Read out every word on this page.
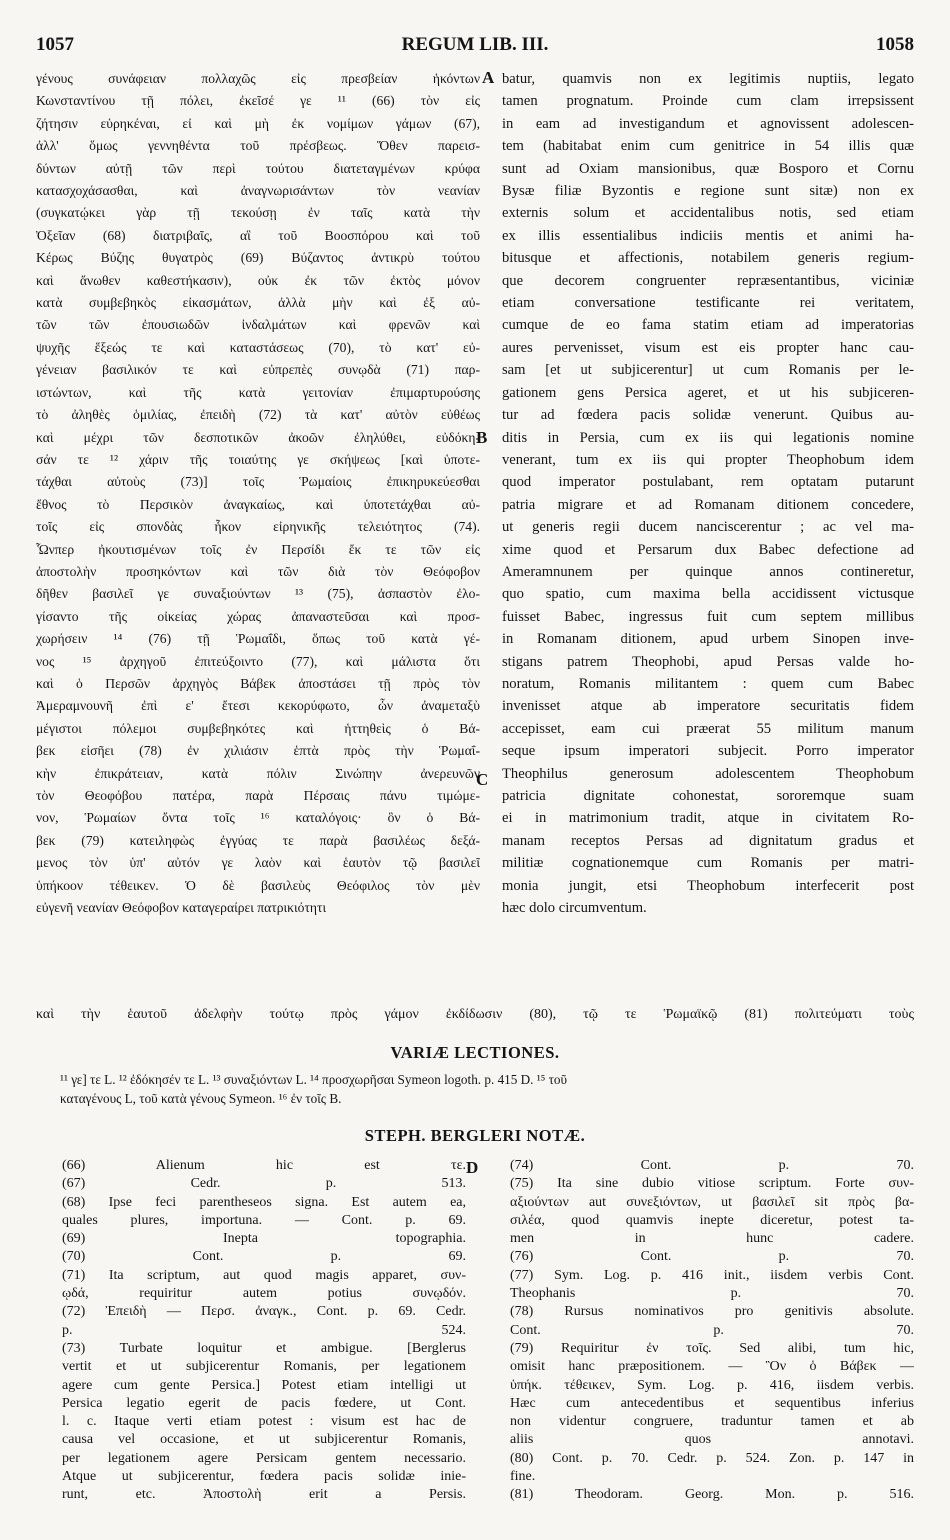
1057	REGUM LIB. III.	1058
γένους συνάφειαν πολλαχῶς εἰς πρεσβείαν ἡκόντων
Κωνσταντίνου τῇ πόλει, ἐκεῖσέ γε ¹¹ (66) τὸν εἰς
ζήτησιν εὑρηκέναι, εἰ καὶ μὴ ἐκ νομίμων γάμων (67),
ἀλλ' ὅμως γεννηθέντα τοῦ πρέσβεως. Ὅθεν παρεισ-
δύντων αὐτῇ τῶν περὶ τούτου διατεταγμένων κρύφα
κατασχοχάσασθαι, καὶ ἀναγνωρισάντων τὸν νεανίαν
(συγκατῴκει γὰρ τῇ τεκούσῃ ἐν ταῖς κατὰ τὴν
Ὀξεῖαν (68) διατριβαῖς, αἳ τοῦ Βοοσπόρου καὶ τοῦ
Κέρως Βύζης θυγατρὸς (69) Βύζαντος ἀντικρὺ τούτου
καὶ ἄνωθεν καθεστήκασιν), οὐκ ἐκ τῶν ἐκτὸς μόνον
κατὰ συμβεβηκὸς εἰκασμάτων, ἀλλὰ μὴν καὶ ἐξ αὐ-
τῶν τῶν ἐπουσιωδῶν ἰνδαλμάτων καὶ φρενῶν καὶ
ψυχῆς ἕξεώς τε καὶ καταστάσεως (70), τὸ κατ' εὐ-
γένειαν βασιλικόν τε καὶ εὐπρεπὲς συνῳδὰ (71) παρ-
ιστώντων, καὶ τῆς κατὰ γειτονίαν ἐπιμαρτυρούσης
τὸ ἀληθὲς ὁμιλίας, ἐπειδὴ (72) τὰ κατ' αὐτὸν εὐθέως
καὶ μέχρι τῶν δεσποτικῶν ἀκοῶν ἐληλύθει, εὐδόκη-
σάν τε ¹² χάριν τῆς τοιαύτης γε σκήψεως [καὶ ὑποτε-
τάχθαι αὐτοὺς (73)] τοῖς Ῥωμαίοις ἐπικηρυκεύεσθαι
ἔθνος τὸ Περσικὸν ἀναγκαίως, καὶ ὑποτετάχθαι αὐ-
τοῖς εἰς σπονδὰς ἧκον εἰρηνικῆς τελειότητος (74).
Ὧνπερ ἠκουτισμένων τοῖς ἐν Περσίδι ἔκ τε τῶν εἰς
ἀποστολὴν προσηκόντων καὶ τῶν διὰ τὸν Θεόφοβον
δῆθεν βασιλεῖ γε συναξιούντων ¹³ (75), ἀσπαστὸν ἐλο-
γίσαντο τῆς οἰκείας χώρας ἀπαναστεῦσαι καὶ προσ-
χωρήσειν ¹⁴ (76) τῇ Ῥωμαΐδι, ὅπως τοῦ κατὰ γέ-
νος ¹⁵ ἀρχηγοῦ ἐπιτεύξοιντο (77), καὶ μάλιστα ὅτι
καὶ ὁ Περσῶν ἀρχηγὸς Βάβεκ ἀποστάσει τῇ πρὸς τὸν
Ἀμεραμνουνῆ ἐπὶ ε' ἔτεσι κεκορύφωτο, ὧν ἀναμεταξὺ
μέγιστοι πόλεμοι συμβεβηκότες καὶ ἡττηθεὶς ὁ Βά-
βεκ εἰσῆει (78) ἐν χιλιάσιν ἑπτὰ πρὸς τὴν Ῥωμαΐ-
κὴν ἐπικράτειαν, κατὰ πόλιν Σινώπην ἀνερευνῶν
τὸν Θεοφόβου πατέρα, παρὰ Πέρσαις πάνυ τιμώμε-
νον, Ῥωμαίων ὄντα τοῖς ¹⁶ καταλόγοις· ὃν ὁ Βά-
βεκ (79) κατειληφὼς ἐγγύας τε παρὰ βασιλέως δεξά-
μενος τὸν ὑπ' αὐτόν γε λαὸν καὶ ἑαυτὸν τῷ βασιλεῖ
ὑπήκοον τέθεικεν. Ὁ δὲ βασιλεὺς Θεόφιλος τὸν μὲν
εὐγενῆ νεανίαν Θεόφοβον καταγεραίρει πατρικιότητι
batur, quamvis non ex legitimis nuptiis, legato
tamen prognatum. Proinde cum clam irrepsissent
in eam ad investigandum et agnovissent adolescen-
tem (habitabat enim cum genitrice in 54 illis quæ
sunt ad Oxiam mansionibus, quæ Bosporo et Cornu
Bysæ filiæ Byzontis e regione sunt sitæ) non ex
externis solum et accidentalibus notis, sed etiam
ex illis essentialibus indiciis mentis et animi ha-
bitusque et affectionis, notabilem generis regium-
que decorem congruenter repræsentantibus, viciniæ
etiam conversatione testificante rei veritatem,
cumque de eo fama statim etiam ad imperatorias
aures pervenisset, visum est eis propter hanc cau-
sam [et ut subjicerentur] ut cum Romanis per le-
gationem gens Persica ageret, et ut his subjiceren-
tur ad fœdera pacis solidæ venerunt. Quibus au-
ditis in Persia, cum ex iis qui legationis nomine
venerant, tum ex iis qui propter Theophobum idem
quod imperator postulabant, rem optatam putarunt
patria migrare et ad Romanam ditionem concedere,
ut generis regii ducem nanciscerentur ; ac vel ma-
xime quod et Persarum dux Babec defectione ad
Ameramnunem per quinque annos contineretur,
quo spatio, cum maxima bella accidissent victusque
fuisset Babec, ingressus fuit cum septem millibus
in Romanam ditionem, apud urbem Sinopen inve-
stigans patrem Theophobi, apud Persas valde ho-
noratum, Romanis militantem : quem cum Babec
invenisset atque ab imperatore securitatis fidem
accepisset, eam cui præerat 55 militum manum
seque ipsum imperatori subjecit. Porro imperator
Theophilus generosum adolescentem Theophobum
patricia dignitate cohonestat, sororemque suam
ei in matrimonium tradit, atque in civitatem Ro-
manam receptos Persas ad dignitatum gradus et
militiæ cognationemque cum Romanis per matri-
monia jungit, etsi Theophobum interfecerit post
hæc dolo circumventum.
A
B
C
D
καὶ τὴν ἑαυτοῦ ἀδελφὴν τούτῳ πρὸς γάμον ἐκδίδωσιν (80), τῷ τε Ῥωμαϊκῷ (81) πολιτεύματι τοὺς
VARIÆ LECTIONES.
¹¹ γε] τε L. ¹² ἐδόκησέν τε L. ¹³ συναξιόντων L. ¹⁴ προσχωρῆσαι Symeon logoth. p. 415 D. ¹⁵ τοῦ
καταγένους L, τοῦ κατὰ γένους Symeon. ¹⁶ ἐν τοῖς B.
STEPH. BERGLERI NOTÆ.
(66) Alienum hic est τε.
(67) Cedr. p. 513.
(68) Ipse feci parentheseos signa. Est autem ea,
quales plures, importuna. — Cont. p. 69.
(69) Inepta topographia.
(70) Cont. p. 69.
(71) Ita scriptum, aut quod magis apparet, συν-
ῳδά, requiritur autem potius συνῳδόν.
(72) Ἐπειδὴ — Περσ. ἀναγκ., Cont. p. 69. Cedr.
p. 524.
(73) Turbate loquitur et ambigue. [Berglerus
vertit et ut subjicerentur Romanis, per legationem
agere cum gente Persica.] Potest etiam intelligi ut
Persica legatio egerit de pacis fœdere, ut Cont.
l. c. Itaque verti etiam potest : visum est hac de
causa vel occasione, et ut subjicerentur Romanis,
per legationem agere Persicam gentem necessario.
Atque ut subjicerentur, fœdera pacis solidæ inie-
runt, etc. Ἀποστολὴ erit a Persis.
(74) Cont. p. 70.
(75) Ita sine dubio vitiose scriptum. Forte συν-
αξιούντων aut συνεξιόντων, ut βασιλεῖ sit πρὸς βα-
σιλέα, quod quamvis inepte diceretur, potest ta-
men in hunc cadere.
(76) Cont. p. 70.
(77) Sym. Log. p. 416 init., iisdem verbis Cont.
Theophanis p. 70.
(78) Rursus nominativos pro genitivis absolute.
Cont. p. 70.
(79) Requiritur ἐν τοῖς. Sed alibi, tum hic,
omisit hanc præpositionem. — Ὃν ὁ Βάβεκ —
ὑπήκ. τέθεικεν, Sym. Log. p. 416, iisdem verbis.
Hæc cum antecedentibus et sequentibus inferius
non videntur congruere, traduntur tamen et ab
aliis quos annotavi.
(80) Cont. p. 70. Cedr. p. 524. Zon. p. 147 in
fine.
(81) Theodoram. Georg. Mon. p. 516.
